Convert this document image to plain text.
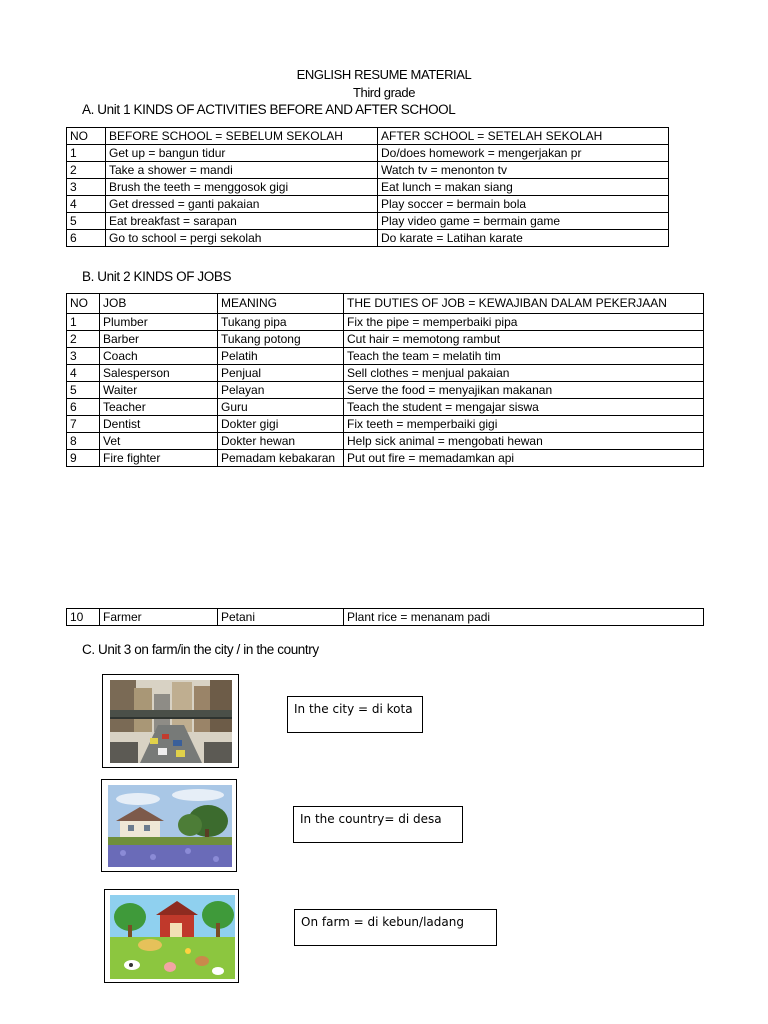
ENGLISH RESUME MATERIAL
Third grade
A. Unit 1 KINDS OF ACTIVITIES BEFORE AND AFTER SCHOOL
NO	BEFORE SCHOOL = SEBELUM SEKOLAH	AFTER SCHOOL = SETELAH SEKOLAH
1	Get up = bangun tidur	Do/does homework = mengerjakan pr
2	Take a shower = mandi	Watch tv = menonton tv
3	Brush the teeth = menggosok gigi	Eat lunch = makan siang
4	Get dressed = ganti pakaian	Play soccer = bermain bola
5	Eat breakfast = sarapan	Play video game = bermain game
6	Go to school = pergi sekolah	Do karate = Latihan karate
B. Unit 2 KINDS OF JOBS
NO	JOB	MEANING	THE DUTIES OF JOB = KEWAJIBAN DALAM PEKERJAAN
1	Plumber	Tukang pipa	Fix the pipe = memperbaiki pipa
2	Barber	Tukang potong	Cut hair = memotong rambut
3	Coach	Pelatih	Teach the team = melatih tim
4	Salesperson	Penjual	Sell clothes = menjual pakaian
5	Waiter	Pelayan	Serve the food = menyajikan makanan
6	Teacher	Guru	Teach the student = mengajar siswa
7	Dentist	Dokter gigi	Fix teeth = memperbaiki gigi
8	Vet	Dokter hewan	Help sick animal = mengobati hewan
9	Fire fighter	Pemadam kebakaran	Put out fire = memadamkan api
10	Farmer	Petani	Plant rice = menanam padi
C. Unit 3 on farm/in the city / in the country
In the city = di kota
In the country= di desa
On farm = di kebun/ladang
